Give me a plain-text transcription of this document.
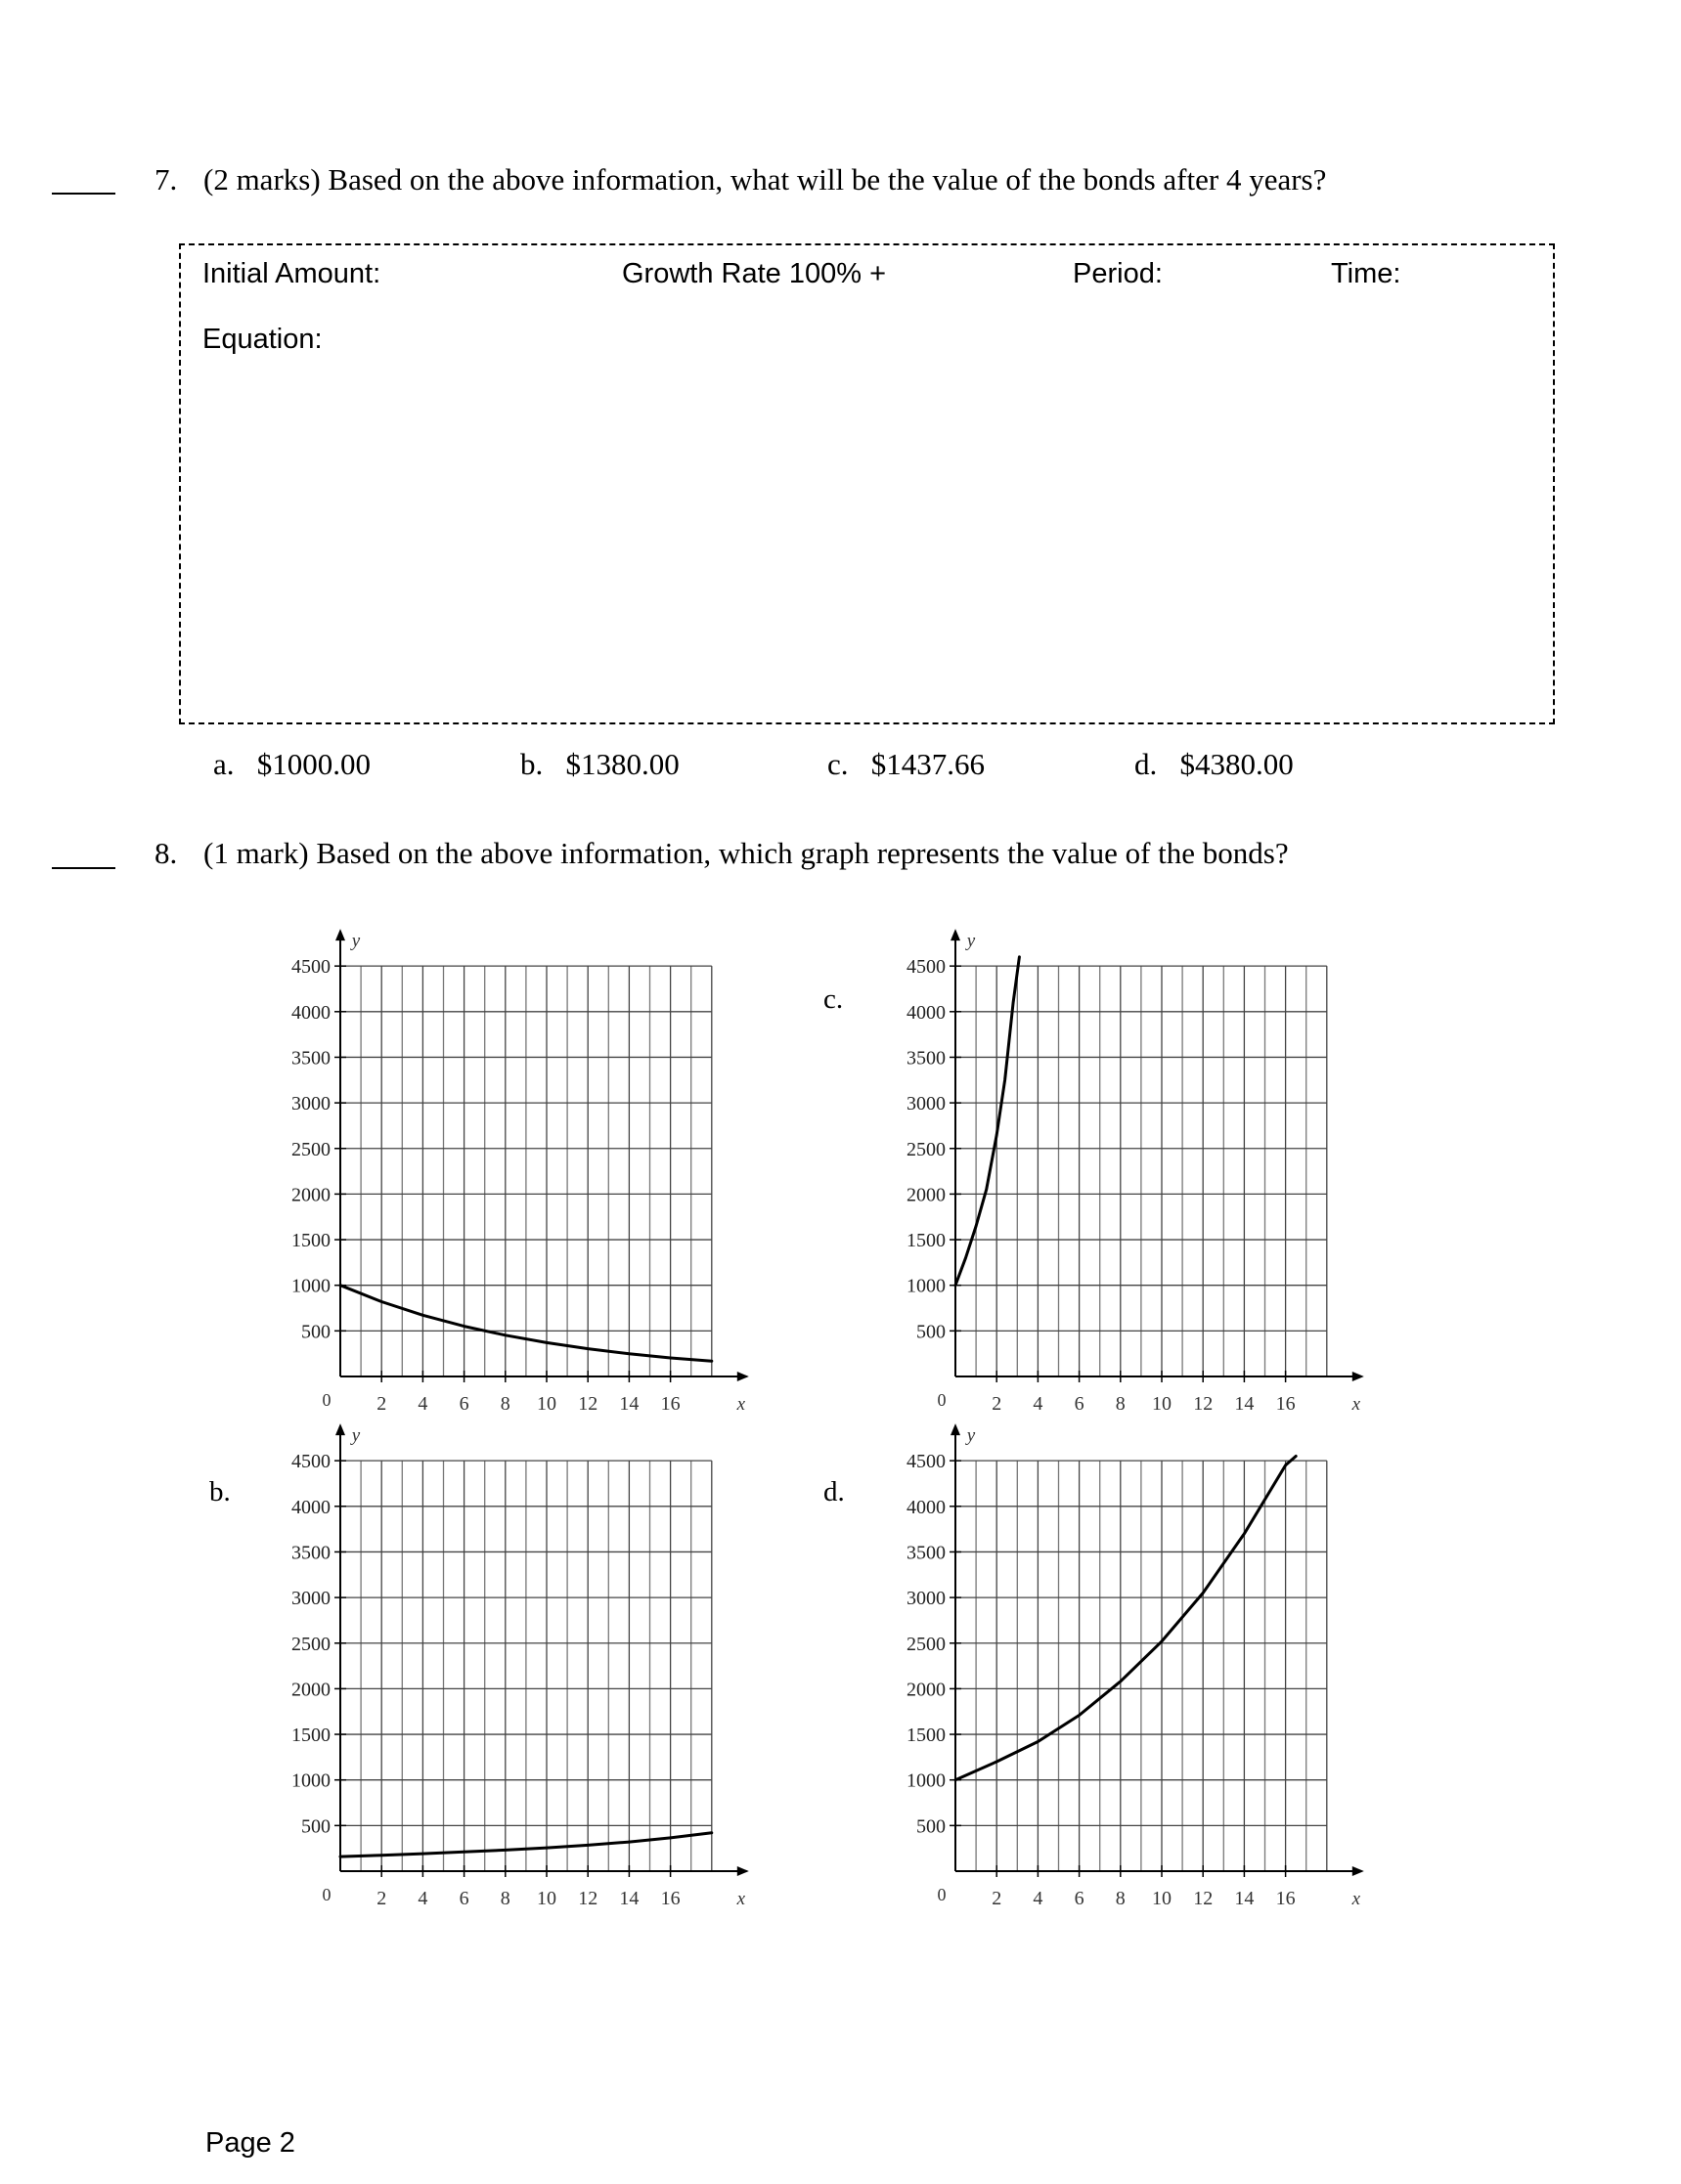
7. (2 marks) Based on the above information, what will be the value of the bonds after 4 years?
Initial Amount:	Growth Rate 100% +	Period:	Time:
Equation:
a. $1000.00	b. $1380.00	c. $1437.66	d. $4380.00
8. (1 mark) Based on the above information, which graph represents the value of the bonds?
b.
c.
d.
500
1000
1500
2000
2500
3000
3500
4000
4500
2 4 6 8 10 12 14 16
0	x
y
500
1000
1500
2000
2500
3000
3500
4000
4500
2 4 6 8 10 12 14 16
0	x
y
500
1000
1500
2000
2500
3000
3500
4000
4500
2 4 6 8 10 12 14 16
0	x
y
500
1000
1500
2000
2500
3000
3500
4000
4500
2 4 6 8 10 12 14 16
0	x
y
Page 2
